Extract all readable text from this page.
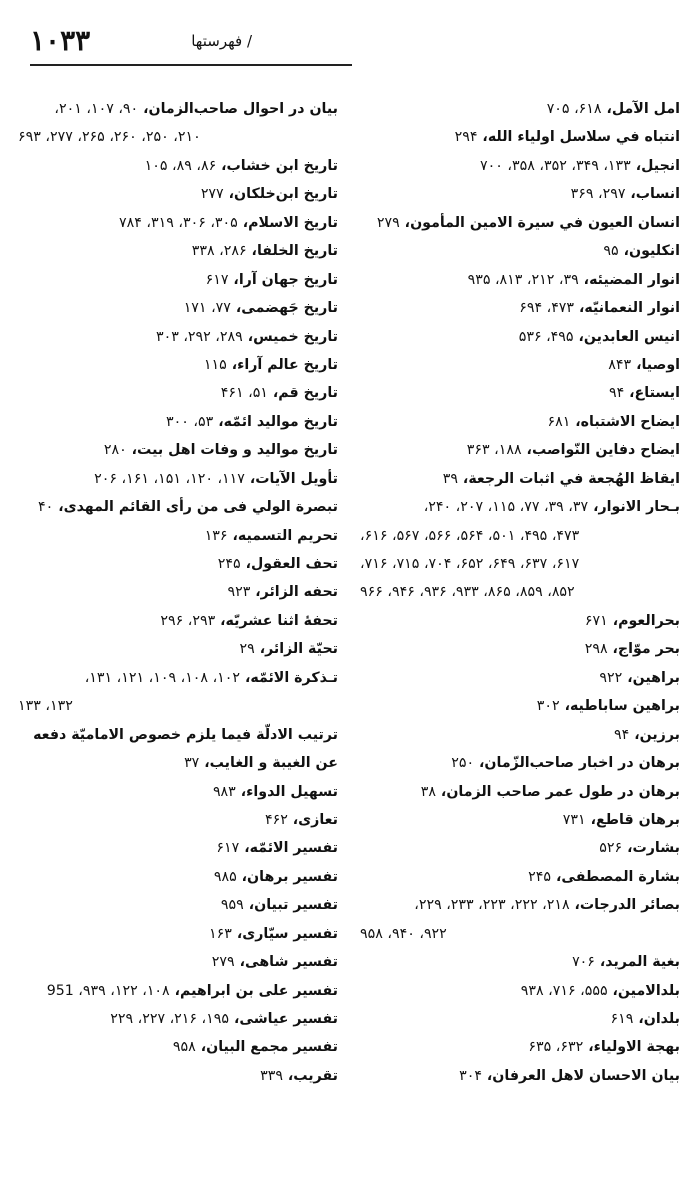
/ فهرستها
۱۰۳۳
امل الآمل، ۶۱۸، ۷۰۵
انتباه في سلاسل اولياء الله، ۲۹۴
انجيل، ۱۳۳، ۳۴۹، ۳۵۲، ۳۵۸، ۷۰۰
انساب، ۲۹۷، ۳۶۹
انسان العيون في سيرة الامين المأمون، ۲۷۹
انكليون، ۹۵
انوار المضيئه، ۳۹، ۲۱۲، ۸۱۳، ۹۳۵
انوار النعمانيّه، ۴۷۳، ۶۹۴
انيس العابدين، ۴۹۵، ۵۳۶
اوصيا، ۸۴۳
ايستاع، ۹۴
ايضاح الاشتباه، ۶۸۱
ايضاح دفاين النّواصب، ۱۸۸، ۳۶۳
ايقاظ الهُجعة في اثبات الرجعة، ۳۹
بـحار الانوار، ۳۷، ۳۹، ۷۷، ۱۱۵، ۲۰۷، ۲۴۰،
۴۷۳، ۴۹۵، ۵۰۱، ۵۶۴، ۵۶۶، ۵۶۷، ۶۱۶،
۶۱۷، ۶۳۷، ۶۴۹، ۶۵۲، ۷۰۴، ۷۱۵، ۷۱۶،
۸۵۲، ۸۵۹، ۸۶۵، ۹۳۳، ۹۳۶، ۹۴۶، ۹۶۶
بحرالعوم، ۶۷۱
بحر موّاج، ۲۹۸
براهين، ۹۲۲
براهين ساباطيه، ۳۰۲
برزين، ۹۴
برهان در اخبار صاحب‌الزّمان، ۲۵۰
برهان در طول عمر صاحب الزمان، ۳۸
برهان قاطع، ۷۳۱
بشارت، ۵۲۶
بشارة المصطفى، ۲۴۵
بصائر الدرجات، ۲۱۸، ۲۲۲، ۲۲۳، ۲۳۳، ۲۲۹،
۹۲۲، ۹۴۰، ۹۵۸
بغية المريد، ۷۰۶
بلدالامين، ۵۵۵، ۷۱۶، ۹۳۸
بلدان، ۶۱۹
بهجة الاولياء، ۶۳۲، ۶۳۵
بيان الاحسان لاهل العرفان، ۳۰۴
بيان در احوال صاحب‌الزمان، ۹۰، ۱۰۷، ۲۰۱،
۲۱۰، ۲۵۰، ۲۶۰، ۲۶۵، ۲۷۷، ۶۹۳
تاريخ ابن خشاب، ۸۶، ۸۹، ۱۰۵
تاريخ ابن‌خلكان، ۲۷۷
تاريخ الاسلام، ۳۰۵، ۳۰۶، ۳۱۹، ۷۸۴
تاريخ الخلفا، ۲۸۶، ۳۳۸
تاريخ جهان آرا، ۶۱۷
تاريخ جَهضمى، ۷۷، ۱۷۱
تاريخ خميس، ۲۸۹، ۲۹۲، ۳۰۳
تاريخ عالم آراء، ۱۱۵
تاريخ قم، ۵۱، ۴۶۱
تاريخ مواليد ائمّه، ۵۳، ۳۰۰
تاريخ مواليد و وفات اهل بيت، ۲۸۰
تأويل الآيات، ۱۱۷، ۱۲۰، ۱۵۱، ۱۶۱، ۲۰۶
تبصرة الولي فى من رأى القائم المهدى، ۴۰
تحريم التسميه، ۱۳۶
تحف العقول، ۲۴۵
تحفه الزائر، ۹۲۳
تحفهٔ اثنا عشريّه، ۲۹۳، ۲۹۶
تحيّة الزائر، ۲۹
تـذكرة الائمّه، ۱۰۲، ۱۰۸، ۱۰۹، ۱۲۱، ۱۳۱،
۱۳۲، ۱۳۳
ترتيب الادلّة فيما يلزم خصوص الاماميّة دفعه
عن الغيبة و الغايب، ۳۷
تسهيل الدواء، ۹۸۳
تعازى، ۴۶۲
تفسير الائمّه، ۶۱۷
تفسير برهان، ۹۸۵
تفسير تبيان، ۹۵۹
تفسير سيّارى، ۱۶۳
تفسير شاهى، ۲۷۹
تفسير على بن ابراهيم، ۱۰۸، ۱۲۲، ۹۳۹، 951
تفسير عياشى، ۱۹۵، ۲۱۶، ۲۲۷، ۲۲۹
تفسير مجمع البيان، ۹۵۸
تقريب، ۳۳۹
